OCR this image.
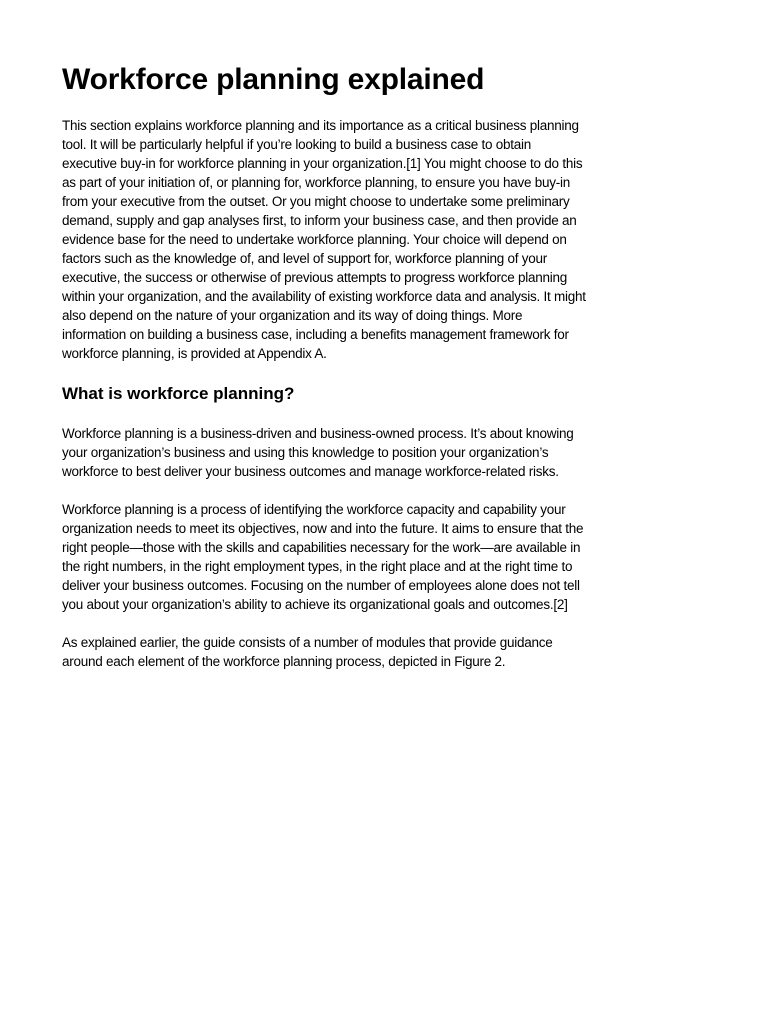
Workforce planning explained

This section explains workforce planning and its importance as a critical business planning
tool. It will be particularly helpful if you’re looking to build a business case to obtain
executive buy-in for workforce planning in your organization.[1] You might choose to do this
as part of your initiation of, or planning for, workforce planning, to ensure you have buy-in
from your executive from the outset. Or you might choose to undertake some preliminary
demand, supply and gap analyses first, to inform your business case, and then provide an
evidence base for the need to undertake workforce planning. Your choice will depend on
factors such as the knowledge of, and level of support for, workforce planning of your
executive, the success or otherwise of previous attempts to progress workforce planning
within your organization, and the availability of existing workforce data and analysis. It might
also depend on the nature of your organization and its way of doing things. More
information on building a business case, including a benefits management framework for
workforce planning, is provided at Appendix A.

What is workforce planning?

Workforce planning is a business-driven and business-owned process. It’s about knowing
your organization’s business and using this knowledge to position your organization’s
workforce to best deliver your business outcomes and manage workforce-related risks.

Workforce planning is a process of identifying the workforce capacity and capability your
organization needs to meet its objectives, now and into the future. It aims to ensure that the
right people—those with the skills and capabilities necessary for the work—are available in
the right numbers, in the right employment types, in the right place and at the right time to
deliver your business outcomes. Focusing on the number of employees alone does not tell
you about your organization’s ability to achieve its organizational goals and outcomes.[2]

As explained earlier, the guide consists of a number of modules that provide guidance
around each element of the workforce planning process, depicted in Figure 2.
